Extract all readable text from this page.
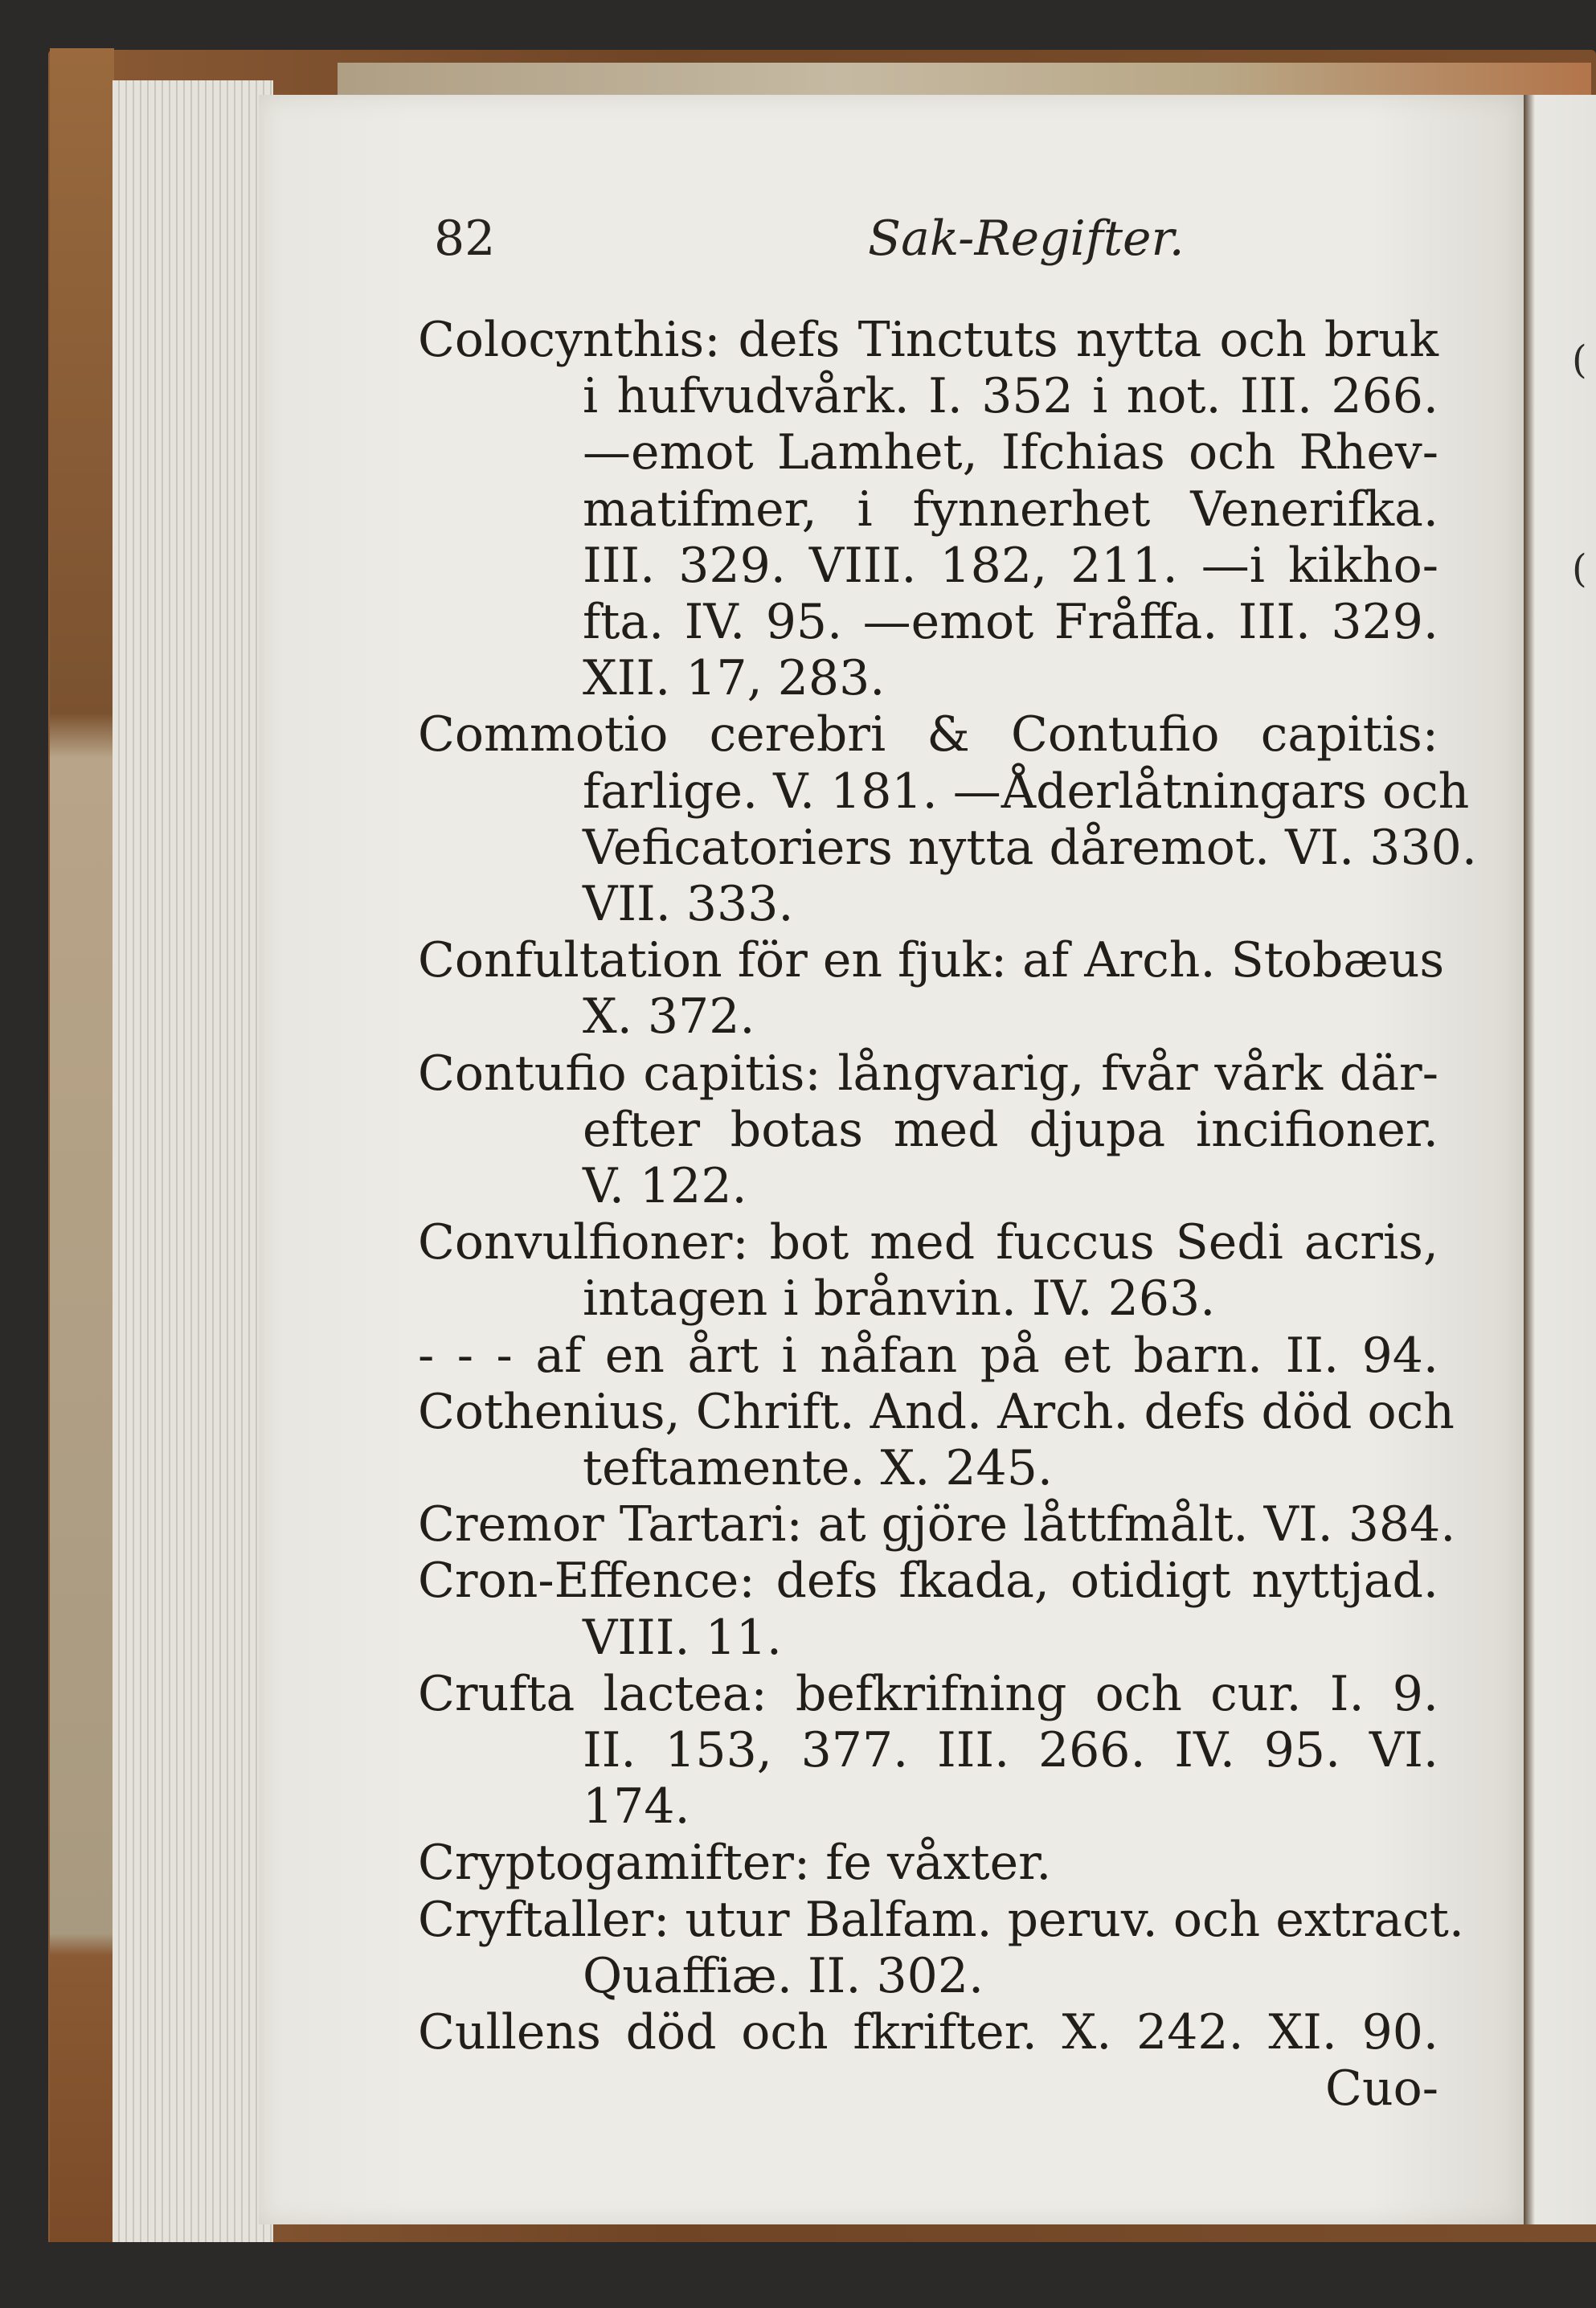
(
(
82	Sak-Regifter.
Colocynthis: defs Tinctuts nytta och bruk
i hufvudvårk. I. 352 i not. III. 266.
—emot Lamhet, Ifchias och Rhev-
matifmer, i fynnerhet Venerifka.
III. 329. VIII. 182, 211. —i kikho-
fta. IV. 95. —emot Fråffa. III. 329.
XII. 17, 283.
Commotio cerebri & Contufio capitis:
farlige. V. 181. —Åderlåtningars och
Veficatoriers nytta dåremot. VI. 330.
VII. 333.
Confultation för en fjuk: af Arch. Stobæus
X. 372.
Contufio capitis: långvarig, fvår vårk där-
efter botas med djupa incifioner.
V. 122.
Convulfioner: bot med fuccus Sedi acris,
intagen i brånvin. IV. 263.
- - - af en årt i nåfan på et barn. II. 94.
Cothenius, Chrift. And. Arch. defs död och
teftamente. X. 245.
Cremor Tartari: at gjöre låttfmålt. VI. 384.
Cron-Effence: defs fkada, otidigt nyttjad.
VIII. 11.
Crufta lactea: befkrifning och cur. I. 9.
II. 153, 377. III. 266. IV. 95. VI.
174.
Cryptogamifter: fe våxter.
Cryftaller: utur Balfam. peruv. och extract.
Quaffiæ. II. 302.
Cullens död och fkrifter. X. 242. XI. 90.
Cuo-
